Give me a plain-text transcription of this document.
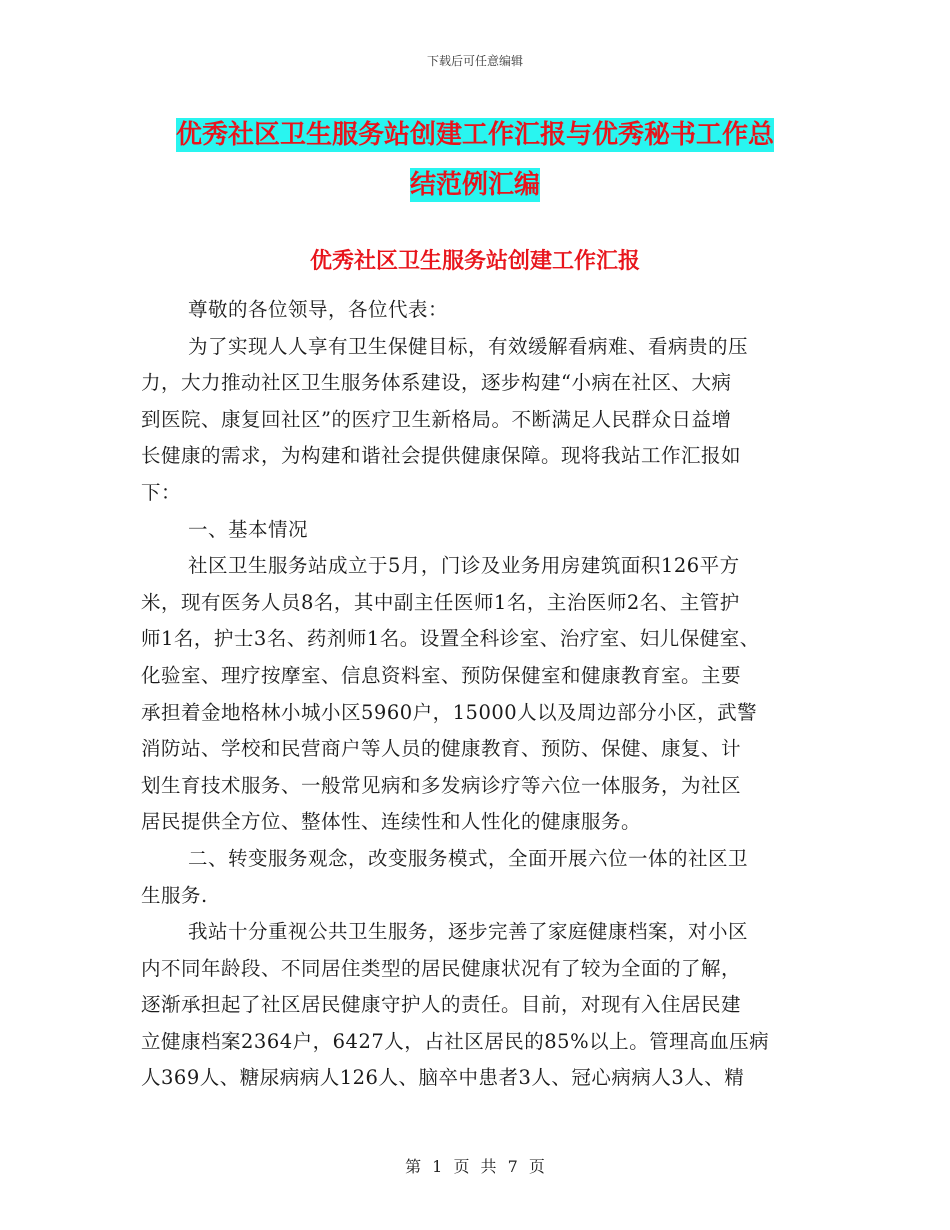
下载后可任意编辑
优秀社区卫生服务站创建工作汇报与优秀秘书工作总
结范例汇编
优秀社区卫生服务站创建工作汇报
尊敬的各位领导，各位代表：
为了实现人人享有卫生保健目标，有效缓解看病难、看病贵的压
力，大力推动社区卫生服务体系建设，逐步构建“小病在社区、大病
到医院、康复回社区”的医疗卫生新格局。不断满足人民群众日益增
长健康的需求，为构建和谐社会提供健康保障。现将我站工作汇报如
下：
一、基本情况
社区卫生服务站成立于5月，门诊及业务用房建筑面积126平方
米，现有医务人员8名，其中副主任医师1名，主治医师2名、主管护
师1名，护士3名、药剂师1名。设置全科诊室、治疗室、妇儿保健室、
化验室、理疗按摩室、信息资料室、预防保健室和健康教育室。主要
承担着金地格林小城小区5960户，15000人以及周边部分小区，武警
消防站、学校和民营商户等人员的健康教育、预防、保健、康复、计
划生育技术服务、一般常见病和多发病诊疗等六位一体服务，为社区
居民提供全方位、整体性、连续性和人性化的健康服务。
二、转变服务观念，改变服务模式，全面开展六位一体的社区卫
生服务.
我站十分重视公共卫生服务，逐步完善了家庭健康档案，对小区
内不同年龄段、不同居住类型的居民健康状况有了较为全面的了解，
逐渐承担起了社区居民健康守护人的责任。目前，对现有入住居民建
立健康档案2364户，6427人，占社区居民的85%以上。管理高血压病
人369人、糖尿病病人126人、脑卒中患者3人、冠心病病人3人、精
第 1 页 共 7 页
